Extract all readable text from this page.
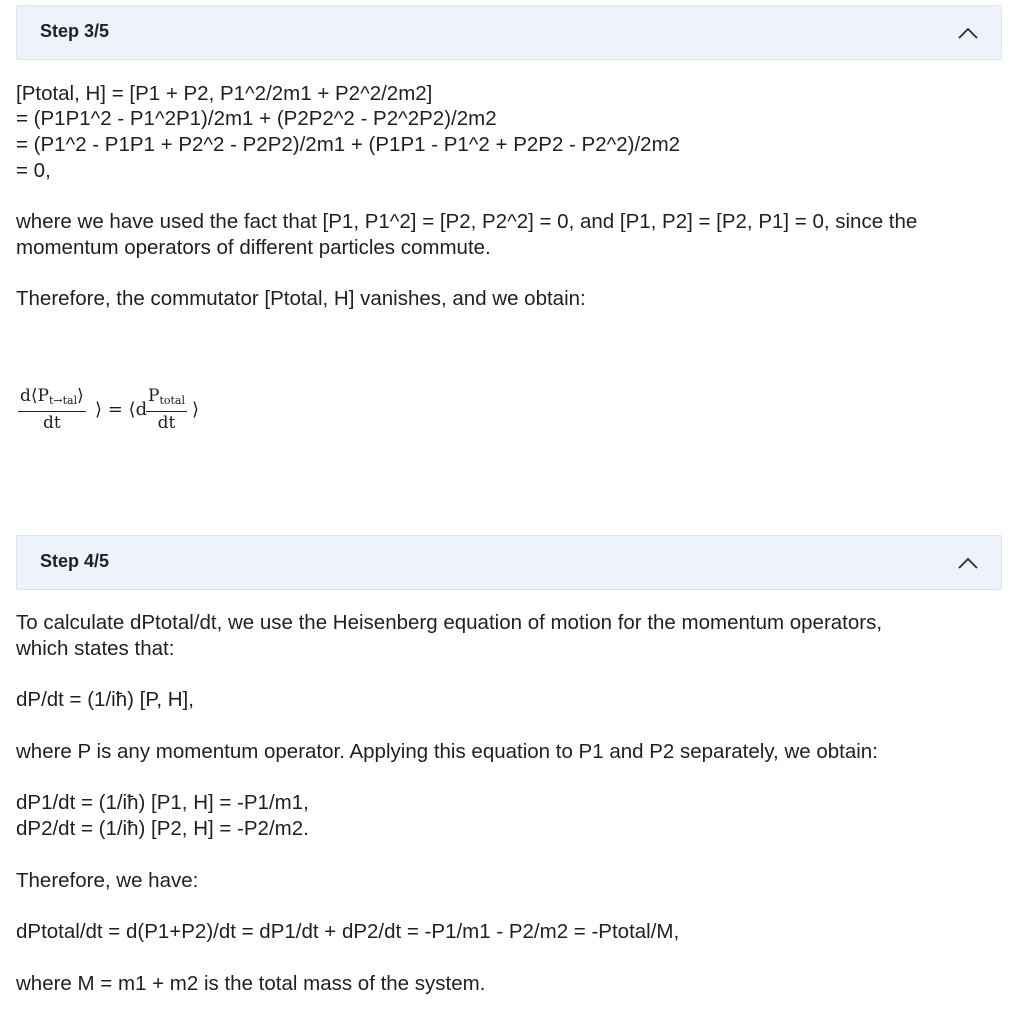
Step 3/5
[Ptotal, H] = [P1 + P2, P1^2/2m1 + P2^2/2m2]
= (P1P1^2 - P1^2P1)/2m1 + (P2P2^2 - P2^2P2)/2m2
= (P1^2 - P1P1 + P2^2 - P2P2)/2m1 + (P1P1 - P1^2 + P2P2 - P2^2)/2m2
= 0,
where we have used the fact that [P1, P1^2] = [P2, P2^2] = 0, and [P1, P2] = [P2, P1] = 0, since the
momentum operators of different particles commute.
Therefore, the commutator [Ptotal, H] vanishes, and we obtain:
$d⟨P_{t\to tal}⟩$
dt
⟩ = ⟨d
$P_{total}$
dt
⟩
Step 4/5
To calculate dPtotal/dt, we use the Heisenberg equation of motion for the momentum operators,
which states that:
dP/dt = (1/iħ) [P, H],
where P is any momentum operator. Applying this equation to P1 and P2 separately, we obtain:
dP1/dt = (1/iħ) [P1, H] = -P1/m1,
dP2/dt = (1/iħ) [P2, H] = -P2/m2.
Therefore, we have:
dPtotal/dt = d(P1+P2)/dt = dP1/dt + dP2/dt = -P1/m1 - P2/m2 = -Ptotal/M,
where M = m1 + m2 is the total mass of the system.
